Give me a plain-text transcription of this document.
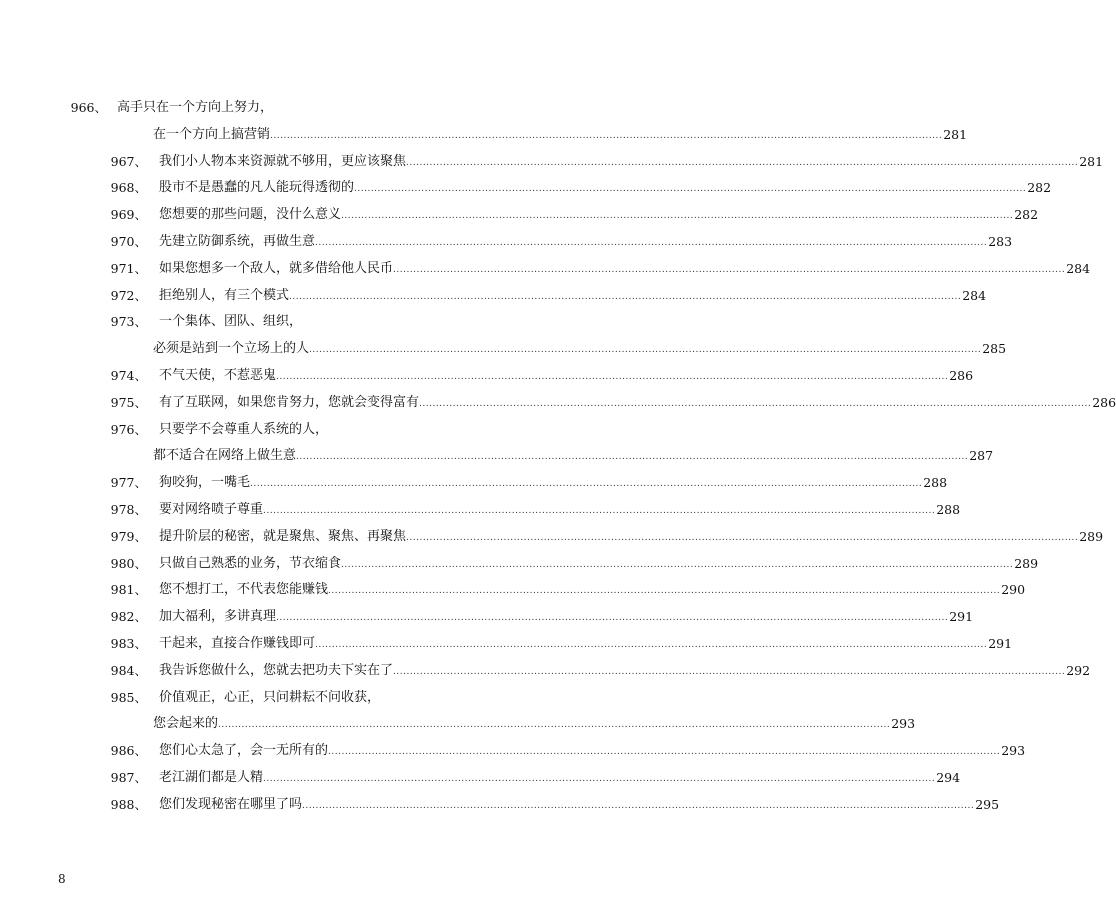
966、 高手只在一个方向上努力，
在一个方向上搞营销 ........................................................................................................................................................................................................ 281
967、 我们小人物本来资源就不够用，更应该聚焦 ........................................................................................................................................................................................................ 281
968、 股市不是愚蠢的凡人能玩得透彻的 ........................................................................................................................................................................................................ 282
969、 您想要的那些问题，没什么意义 ........................................................................................................................................................................................................ 282
970、 先建立防御系统，再做生意 ........................................................................................................................................................................................................ 283
971、 如果您想多一个敌人，就多借给他人民币 ........................................................................................................................................................................................................ 284
972、 拒绝别人，有三个模式 ........................................................................................................................................................................................................ 284
973、 一个集体、团队、组织，
必须是站到一个立场上的人 ........................................................................................................................................................................................................ 285
974、 不气天使，不惹恶鬼 ........................................................................................................................................................................................................ 286
975、 有了互联网，如果您肯努力，您就会变得富有 ........................................................................................................................................................................................................ 286
976、 只要学不会尊重人系统的人，
都不适合在网络上做生意 ........................................................................................................................................................................................................ 287
977、 狗咬狗，一嘴毛 ........................................................................................................................................................................................................ 288
978、 要对网络喷子尊重 ........................................................................................................................................................................................................ 288
979、 提升阶层的秘密，就是聚焦、聚焦、再聚焦 ........................................................................................................................................................................................................ 289
980、 只做自己熟悉的业务，节衣缩食 ........................................................................................................................................................................................................ 289
981、 您不想打工，不代表您能赚钱 ........................................................................................................................................................................................................ 290
982、 加大福利，多讲真理 ........................................................................................................................................................................................................ 291
983、 干起来，直接合作赚钱即可 ........................................................................................................................................................................................................ 291
984、 我告诉您做什么，您就去把功夫下实在了 ........................................................................................................................................................................................................ 292
985、 价值观正，心正，只问耕耘不问收获，
您会起来的 ........................................................................................................................................................................................................ 293
986、 您们心太急了，会一无所有的 ........................................................................................................................................................................................................ 293
987、 老江湖们都是人精 ........................................................................................................................................................................................................ 294
988、 您们发现秘密在哪里了吗 ........................................................................................................................................................................................................ 295
8
